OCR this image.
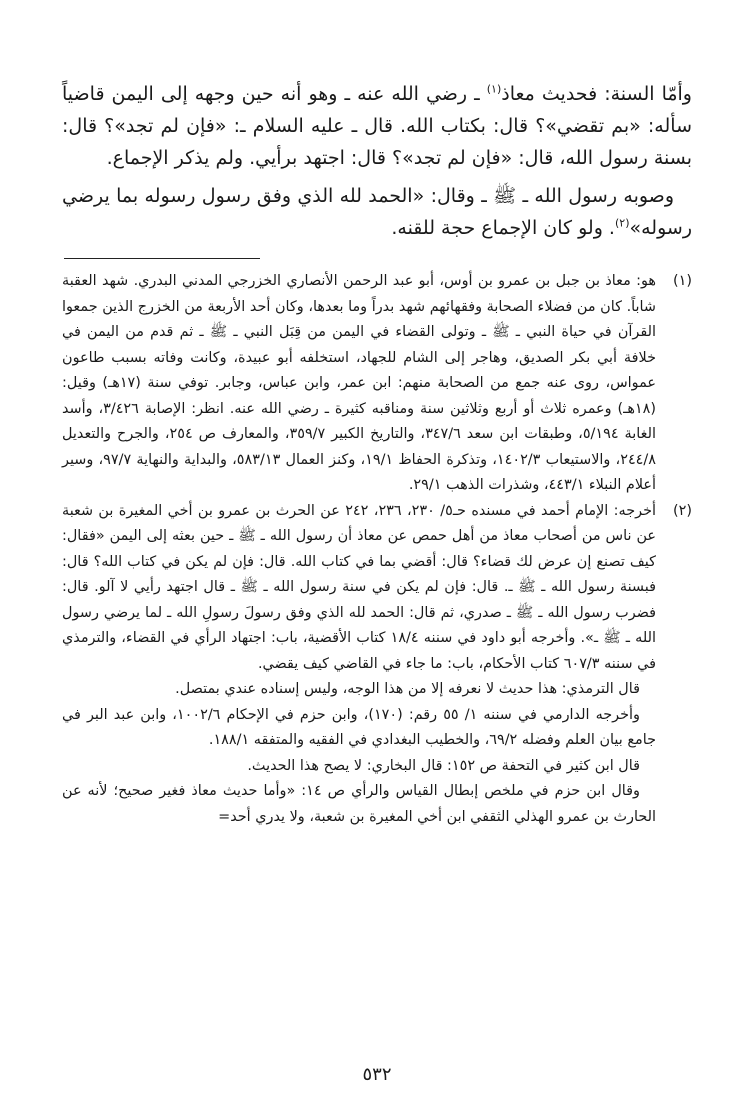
وأمّا السنة: فحديث معاذ$^{(١)}$ ـ رضي الله عنه ـ وهو أنه حين وجهه إلى اليمن قاضياً سأله: «بم تقضي»؟ قال: بكتاب الله. قال ـ عليه السلام ـ: «فإن لم تجد»؟ قال: بسنة رسول الله، قال: «فإن لم تجد»؟ قال: اجتهد برأيي. ولم يذكر الإجماع.

وصوبه رسول الله ـ ﷺ ـ وقال: «الحمد لله الذي وفق رسول رسوله بما يرضي رسوله»$^{(٢)}$. ولو كان الإجماع حجة للقنه.

(١)

هو: معاذ بن جبل بن عمرو بن أوس، أبو عبد الرحمن الأنصاري الخزرجي المدني البدري. شهد العقبة شاباً. كان من فضلاء الصحابة وفقهائهم شهد بدراً وما بعدها، وكان أحد الأربعة من الخزرج الذين جمعوا القرآن في حياة النبي ـ ﷺ ـ وتولى القضاء في اليمن من قِبَل النبي ـ ﷺ ـ ثم قدم من اليمن في خلافة أبي بكر الصديق، وهاجر إلى الشام للجهاد، استخلفه أبو عبيدة، وكانت وفاته بسبب طاعون عمواس، روى عنه جمع من الصحابة منهم: ابن عمر، وابن عباس، وجابر. توفي سنة (١٧هـ) وقيل: (١٨هـ) وعمره ثلاث أو أربع وثلاثين سنة ومناقبه كثيرة ـ رضي الله عنه. انظر: الإصابة ٣/٤٢٦، وأسد الغابة ٥/١٩٤، وطبقات ابن سعد ٣٤٧/٦، والتاريخ الكبير ٣٥٩/٧، والمعارف ص ٢٥٤، والجرح والتعديل ٢٤٤/٨، والاستيعاب ١٤٠٢/٣، وتذكرة الحفاظ ١٩/١، وكنز العمال ٥٨٣/١٣، والبداية والنهاية ٩٧/٧، وسير أعلام النبلاء ٤٤٣/١، وشذرات الذهب ٢٩/١.

(٢)

أخرجه: الإمام أحمد في مسنده حـ٥/ ٢٣٠، ٢٣٦، ٢٤٢ عن الحرث بن عمرو بن أخي المغيرة بن شعبة عن ناس من أصحاب معاذ من أهل حمص عن معاذ أن رسول الله ـ ﷺ ـ حين بعثه إلى اليمن «فقال: كيف تصنع إن عرض لك قضاء؟ قال: أقضي بما في كتاب الله. قال: فإن لم يكن في كتاب الله؟ قال: فبسنة رسول الله ـ ﷺ ـ. قال: فإن لم يكن في سنة رسول الله ـ ﷺ ـ قال اجتهد رأيي لا آلو. قال: فضرب رسول الله ـ ﷺ ـ صدري، ثم قال: الحمد لله الذي وفق رسولَ رسولِ الله ـ لما يرضي رسول الله ـ ﷺ ـ». وأخرجه أبو داود في سننه ١٨/٤ كتاب الأقضية، باب: اجتهاد الرأي في القضاء، والترمذي في سننه ٦٠٧/٣ كتاب الأحكام، باب: ما جاء في القاضي كيف يقضي.

قال الترمذي: هذا حديث لا نعرفه إلا من هذا الوجه، وليس إسناده عندي بمتصل.

وأخرجه الدارمي في سننه ١/ ٥٥ رقم: (١٧٠)، وابن حزم في الإحكام ١٠٠٢/٦، وابن عبد البر في جامع بيان العلم وفضله ٦٩/٢، والخطيب البغدادي في الفقيه والمتفقه ١٨٨/١.

قال ابن كثير في التحفة ص ١٥٢: قال البخاري: لا يصح هذا الحديث.

وقال ابن حزم في ملخص إبطال القياس والرأي ص ١٤: «وأما حديث معاذ فغير صحيح؛ لأنه عن الحارث بن عمرو الهذلي الثقفي ابن أخي المغيرة بن شعبة، ولا يدري أحد=

٥٣٢
